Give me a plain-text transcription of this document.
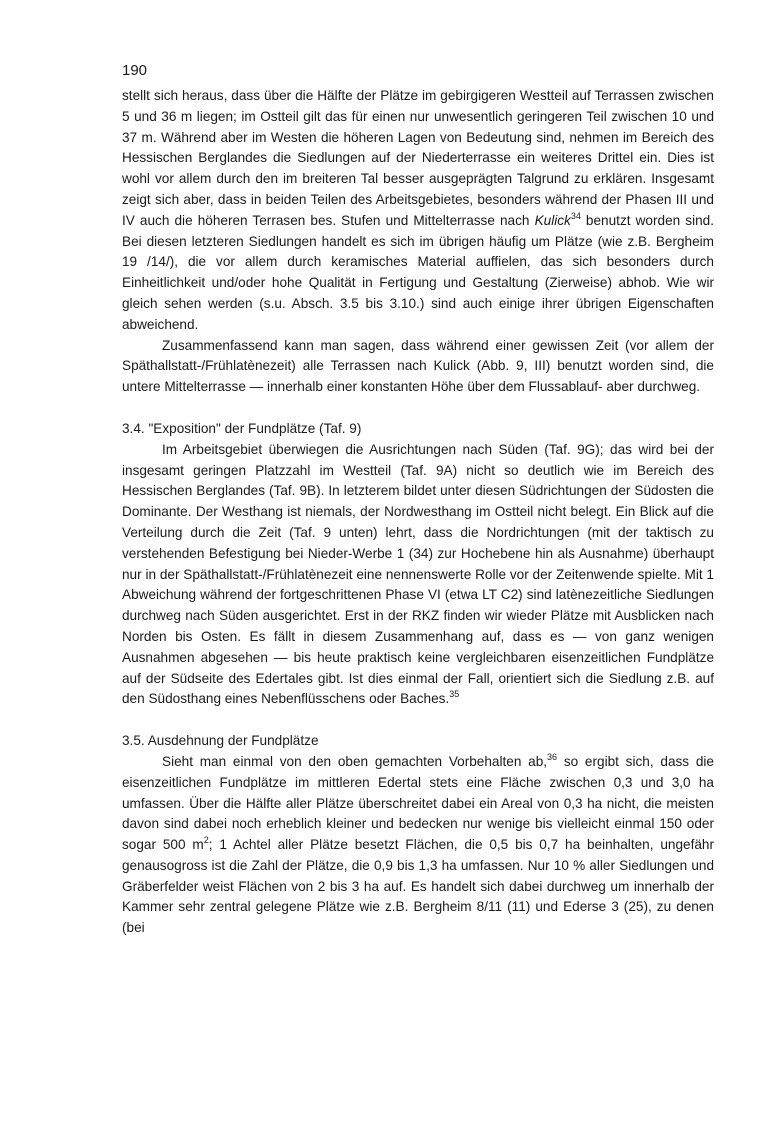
190

stellt sich heraus, dass über die Hälfte der Plätze im gebirgigeren Westteil auf Terrassen zwischen 5 und 36 m liegen; im Ostteil gilt das für einen nur unwesentlich geringeren Teil zwischen 10 und 37 m. Während aber im Westen die höheren Lagen von Bedeutung sind, nehmen im Bereich des Hessischen Berglandes die Siedlungen auf der Niederterrasse ein weiteres Drittel ein. Dies ist wohl vor allem durch den im breiteren Tal besser ausgeprägten Talgrund zu erklären. Insgesamt zeigt sich aber, dass in beiden Teilen des Arbeitsgebietes, besonders während der Phasen III und IV auch die höheren Terrasen bes. Stufen und Mittelterrasse nach Kulick$^{34}$ benutzt worden sind. Bei diesen letzteren Siedlungen handelt es sich im übrigen häufig um Plätze (wie z.B. Bergheim 19 /14/), die vor allem durch keramisches Material auffielen, das sich besonders durch Einheitlichkeit und/oder hohe Qualität in Fertigung und Gestaltung (Zierweise) abhob. Wie wir gleich sehen werden (s.u. Absch. 3.5 bis 3.10.) sind auch einige ihrer übrigen Eigenschaften abweichend.

Zusammenfassend kann man sagen, dass während einer gewissen Zeit (vor allem der Späthallstatt-/Frühlatènezeit) alle Terrassen nach Kulick (Abb. 9, III) benutzt worden sind, die untere Mittelterrasse — innerhalb einer konstanten Höhe über dem Flussablauf- aber durchweg.

3.4. "Exposition" der Fundplätze (Taf. 9)

Im Arbeitsgebiet überwiegen die Ausrichtungen nach Süden (Taf. 9G); das wird bei der insgesamt geringen Platzzahl im Westteil (Taf. 9A) nicht so deutlich wie im Bereich des Hessischen Berglandes (Taf. 9B). In letzterem bildet unter diesen Südrichtungen der Südosten die Dominante. Der Westhang ist niemals, der Nordwesthang im Ostteil nicht belegt. Ein Blick auf die Verteilung durch die Zeit (Taf. 9 unten) lehrt, dass die Nordrichtungen (mit der taktisch zu verstehenden Befestigung bei Nieder-Werbe 1 (34) zur Hochebene hin als Ausnahme) überhaupt nur in der Späthallstatt-/Frühlatènezeit eine nennenswerte Rolle vor der Zeitenwende spielte. Mit 1 Abweichung während der fortgeschrittenen Phase VI (etwa LT C2) sind latènezeitliche Siedlungen durchweg nach Süden ausgerichtet. Erst in der RKZ finden wir wieder Plätze mit Ausblicken nach Norden bis Osten. Es fällt in diesem Zusammenhang auf, dass es — von ganz wenigen Ausnahmen abgesehen — bis heute praktisch keine vergleichbaren eisenzeitlichen Fundplätze auf der Südseite des Edertales gibt. Ist dies einmal der Fall, orientiert sich die Siedlung z.B. auf den Südosthang eines Nebenflüsschens oder Baches.$^{35}$

3.5. Ausdehnung der Fundplätze

Sieht man einmal von den oben gemachten Vorbehalten ab,$^{36}$ so ergibt sich, dass die eisenzeitlichen Fundplätze im mittleren Edertal stets eine Fläche zwischen 0,3 und 3,0 ha umfassen. Über die Hälfte aller Plätze überschreitet dabei ein Areal von 0,3 ha nicht, die meisten davon sind dabei noch erheblich kleiner und bedecken nur wenige bis vielleicht einmal 150 oder sogar 500 $m^2$; 1 Achtel aller Plätze besetzt Flächen, die 0,5 bis 0,7 ha beinhalten, ungefähr genausogross ist die Zahl der Plätze, die 0,9 bis 1,3 ha umfassen. Nur 10 % aller Siedlungen und Gräberfelder weist Flächen von 2 bis 3 ha auf. Es handelt sich dabei durchweg um innerhalb der Kammer sehr zentral gelegene Plätze wie z.B. Bergheim 8/11 (11) und Ederse 3 (25), zu denen (bei
